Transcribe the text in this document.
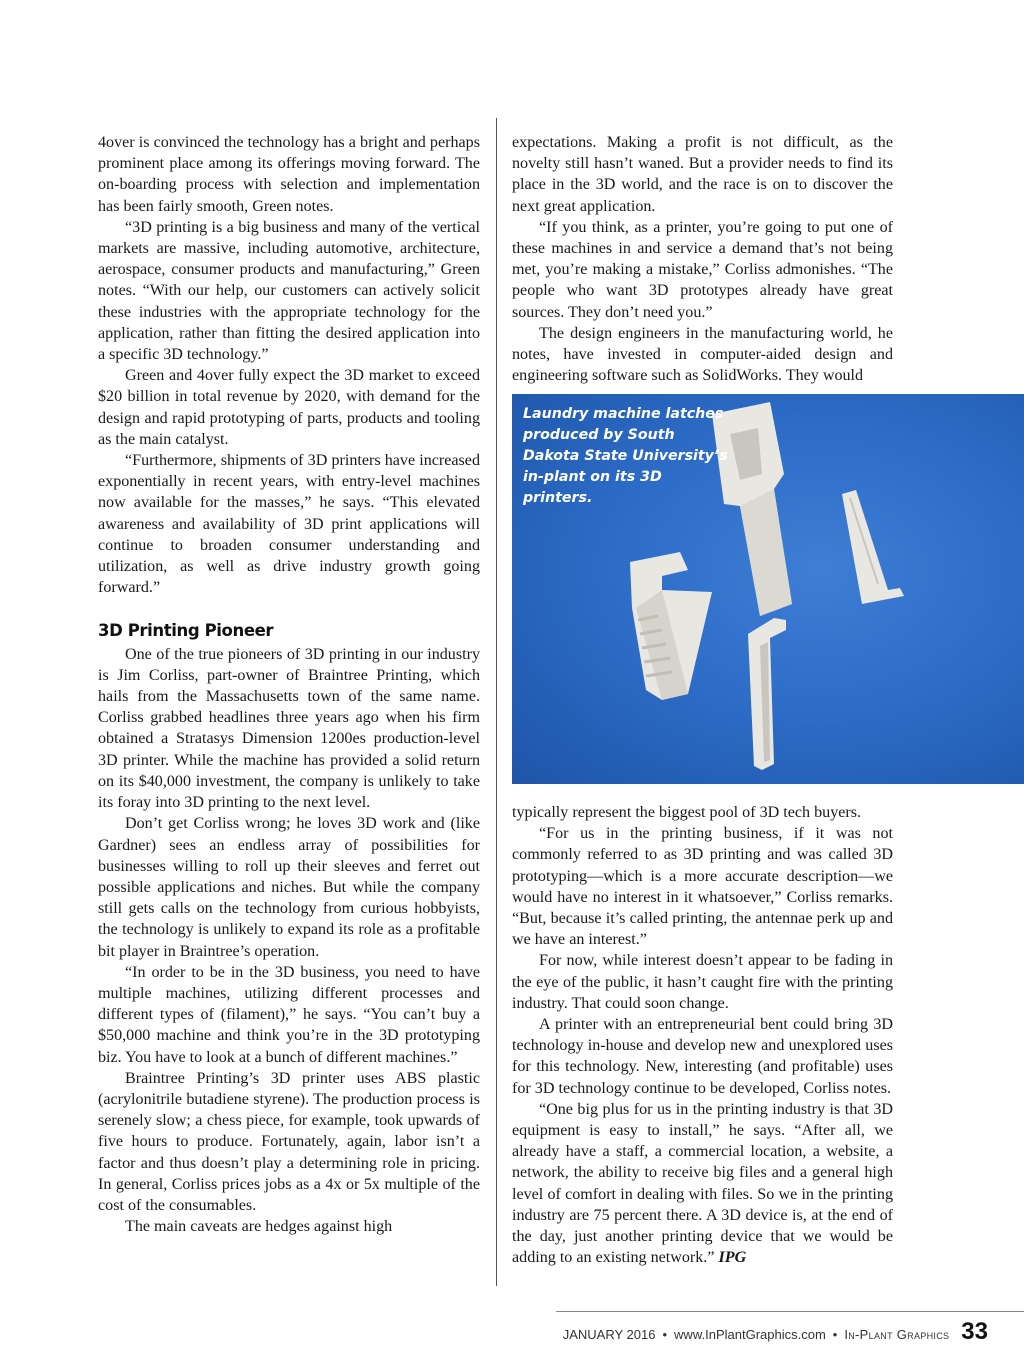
4over is convinced the technology has a bright and perhaps prominent place among its offerings moving forward. The on-boarding process with selection and implementation has been fairly smooth, Green notes.

“3D printing is a big business and many of the vertical markets are massive, including automotive, architecture, aerospace, consumer products and manufacturing,” Green notes. “With our help, our customers can actively solicit these industries with the appropriate technology for the application, rather than fitting the desired application into a specific 3D technology.”

Green and 4over fully expect the 3D market to exceed $20 billion in total revenue by 2020, with demand for the design and rapid prototyping of parts, products and tooling as the main catalyst.

“Furthermore, shipments of 3D printers have increased exponentially in recent years, with entry-level machines now available for the masses,” he says. “This elevated awareness and availability of 3D print applications will continue to broaden consumer understanding and utilization, as well as drive industry growth going forward.”

3D Printing Pioneer

One of the true pioneers of 3D printing in our industry is Jim Corliss, part-owner of Braintree Printing, which hails from the Massachusetts town of the same name. Corliss grabbed headlines three years ago when his firm obtained a Stratasys Dimension 1200es production-level 3D printer. While the machine has provided a solid return on its $40,000 investment, the company is unlikely to take its foray into 3D printing to the next level.

Don’t get Corliss wrong; he loves 3D work and (like Gardner) sees an endless array of possibilities for businesses willing to roll up their sleeves and ferret out possible applications and niches. But while the company still gets calls on the technology from curious hobbyists, the technology is unlikely to expand its role as a profitable bit player in Braintree’s operation.

“In order to be in the 3D business, you need to have multiple machines, utilizing different processes and different types of (filament),” he says. “You can’t buy a $50,000 machine and think you’re in the 3D prototyping biz. You have to look at a bunch of different machines.”

Braintree Printing’s 3D printer uses ABS plastic (acrylonitrile butadiene styrene). The production process is serenely slow; a chess piece, for example, took upwards of five hours to produce. Fortunately, again, labor isn’t a factor and thus doesn’t play a determining role in pricing. In general, Corliss prices jobs as a 4x or 5x multiple of the cost of the consumables.

The main caveats are hedges against high

expectations. Making a profit is not difficult, as the novelty still hasn’t waned. But a provider needs to find its place in the 3D world, and the race is on to discover the next great application.

“If you think, as a printer, you’re going to put one of these machines in and service a demand that’s not being met, you’re making a mistake,” Corliss admonishes. “The people who want 3D prototypes already have great sources. They don’t need you.”

The design engineers in the manufacturing world, he notes, have invested in computer-aided design and engineering software such as SolidWorks. They would

Laundry machine latches produced by South Dakota State University’s in-plant on its 3D printers.

typically represent the biggest pool of 3D tech buyers.

“For us in the printing business, if it was not commonly referred to as 3D printing and was called 3D prototyping—which is a more accurate description—we would have no interest in it whatsoever,” Corliss remarks. “But, because it’s called printing, the antennae perk up and we have an interest.”

For now, while interest doesn’t appear to be fading in the eye of the public, it hasn’t caught fire with the printing industry. That could soon change.

A printer with an entrepreneurial bent could bring 3D technology in-house and develop new and unexplored uses for this technology. New, interesting (and profitable) uses for 3D technology continue to be developed, Corliss notes.

“One big plus for us in the printing industry is that 3D equipment is easy to install,” he says. “After all, we already have a staff, a commercial location, a website, a network, the ability to receive big files and a general high level of comfort in dealing with files. So we in the printing industry are 75 percent there. A 3D device is, at the end of the day, just another printing device that we would be adding to an existing network.” IPG

JANUARY 2016 • www.InPlantGraphics.com • In-Plant Graphics 33
